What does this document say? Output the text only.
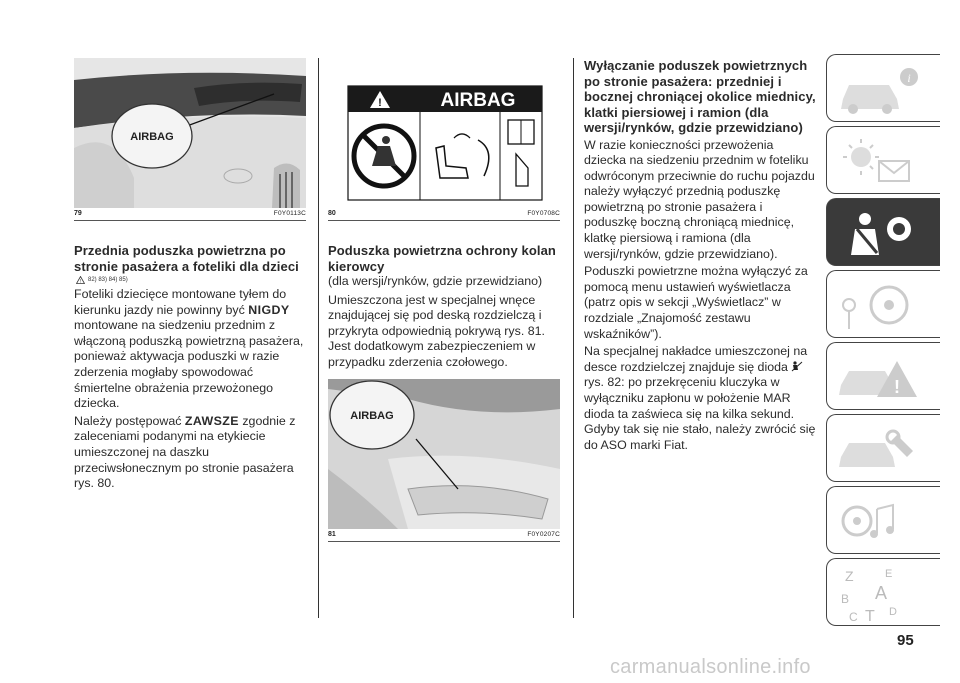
AIRBAG
79	F0Y0113C
Przednia poduszka powietrzna po stronie pasażera a foteliki dla dzieci
! 82) 83) 84) 85)

Foteliki dziecięce montowane tyłem do kierunku jazdy nie powinny być NIGDY montowane na siedzeniu przednim z włączoną poduszką powietrzną pasażera, ponieważ aktywacja poduszki w razie zderzenia mogłaby spowodować śmiertelne obrażenia przewożonego dziecka.

Należy postępować ZAWSZE zgodnie z zaleceniami podanymi na etykiecie umieszczonej na daszku przeciwsłonecznym po stronie pasażera rys. 80.

!	AIRBAG
80	F0Y0708C
Poduszka powietrzna ochrony kolan kierowcy

(dla wersji/rynków, gdzie przewidziano)

Umieszczona jest w specjalnej wnęce znajdującej się pod deską rozdzielczą i przykryta odpowiednią pokrywą rys. 81. Jest dodatkowym zabezpieczeniem w przypadku zderzenia czołowego.

AIRBAG
81	F0Y0207C
Wyłączanie poduszek powietrznych po stronie pasażera: przedniej i bocznej chroniącej okolice miednicy, klatki piersiowej i ramion (dla wersji/rynków, gdzie przewidziano)

W razie konieczności przewożenia dziecka na siedzeniu przednim w foteliku odwróconym przeciwnie do ruchu pojazdu należy wyłączyć przednią poduszkę powietrzną po stronie pasażera i poduszkę boczną chroniącą miednicę, klatkę piersiową i ramiona (dla wersji/rynków, gdzie przewidziano).

Poduszki powietrzne można wyłączyć za pomocą menu ustawień wyświetlacza (patrz opis w sekcji „Wyświetlacz” w rozdziale „Znajomość zestawu wskaźników”).

Na specjalnej nakładce umieszczonej na desce rozdzielczej znajduje się dioda  rys. 82: po przekręceniu kluczyka w wyłączniku zapłonu w położenie MAR dioda ta zaświeca się na kilka sekund. Gdyby tak się nie stało, należy zwrócić się do ASO marki Fiat.

i
!
Z	E
B A
C T D
95
carmanualsonline.info
